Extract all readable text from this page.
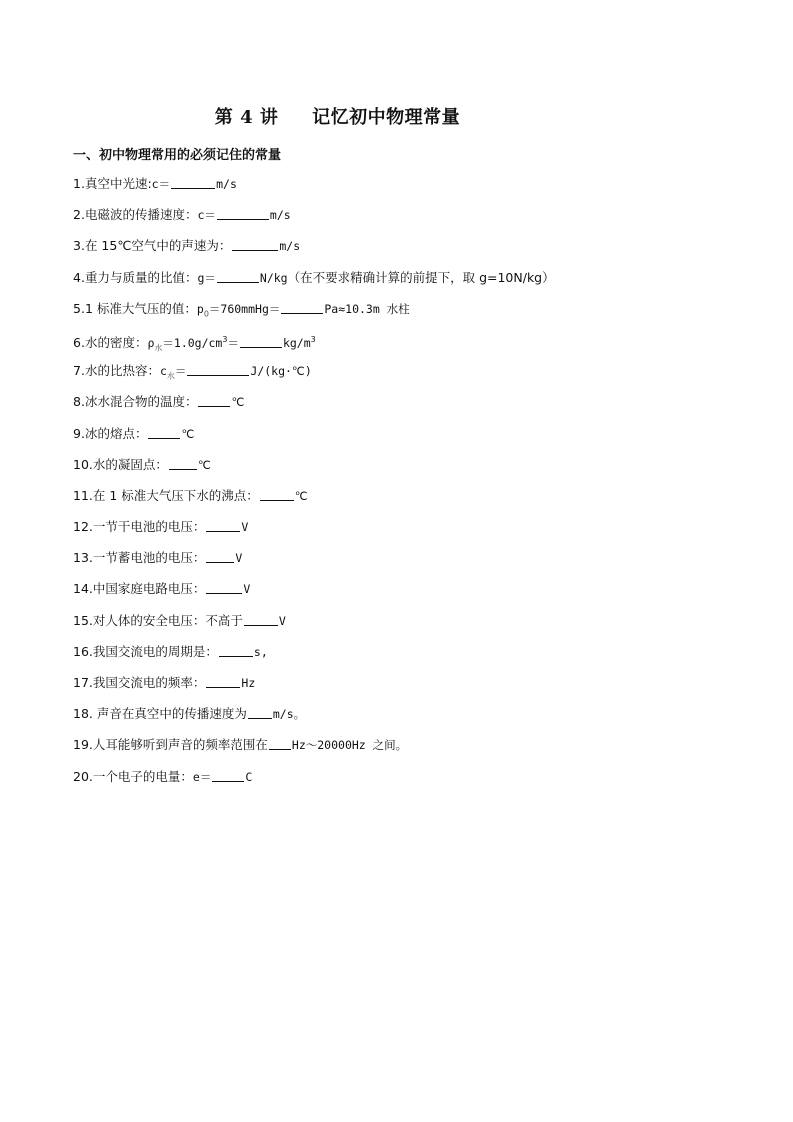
第 4 讲     记忆初中物理常量
一、初中物理常用的必须记住的常量
1.真空中光速:c＝	m/s
2.电磁波的传播速度：c＝	m/s
3.在 15℃空气中的声速为：	m/s
4.重力与质量的比值：g＝	N/kg（在不要求精确计算的前提下，取 g=10N/kg）
5.1 标准大气压的值：$p_0=760mmHg=$	Pa≈10.3m 水柱
6.水的密度：$\rho_水=1.0g/cm^3=$	$kg/m^3$
7.水的比热容：$c_水=$	J/(kg·℃)
8.冰水混合物的温度：	℃
9.冰的熔点：	℃
10.水的凝固点：	℃
11.在 1 标准大气压下水的沸点：	℃
12.一节干电池的电压：	V
13.一节蓄电池的电压：	V
14.中国家庭电路电压：	V
15.对人体的安全电压：不高于	V
16.我国交流电的周期是：	s,
17.我国交流电的频率：	Hz
18. 声音在真空中的传播速度为 m/s。
19.人耳能够听到声音的频率范围在 Hz～20000Hz 之间。
20.一个电子的电量：e＝	C
